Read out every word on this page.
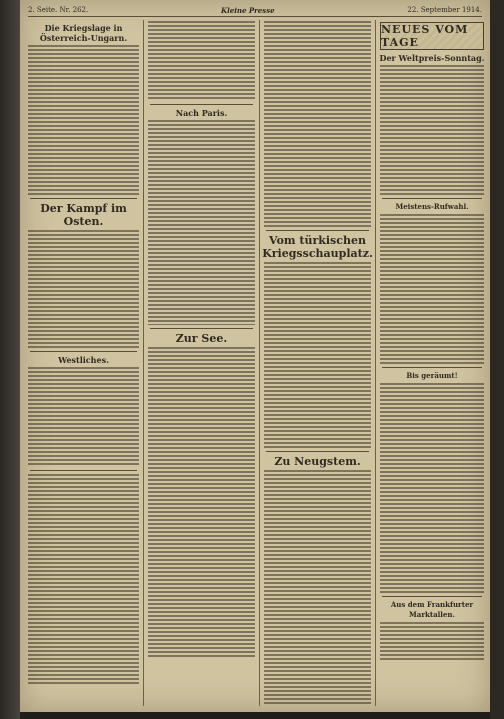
2. Seite. Nr. 262.	Kleine Presse	22. September 1914.
Die Kriegslage in Österreich-Ungarn.
Der Kampf im Osten.
Westliches.
Nach Paris.
Zur See.
Vom türkischen Kriegsschauplatz.
Zu Neugstem.
NEUES VOM TAGE
Der Weltpreis-Sonntag.
Meistens-Rufwahl.
Bis geräumt!
Aus dem Frankfurter Marktallen.
